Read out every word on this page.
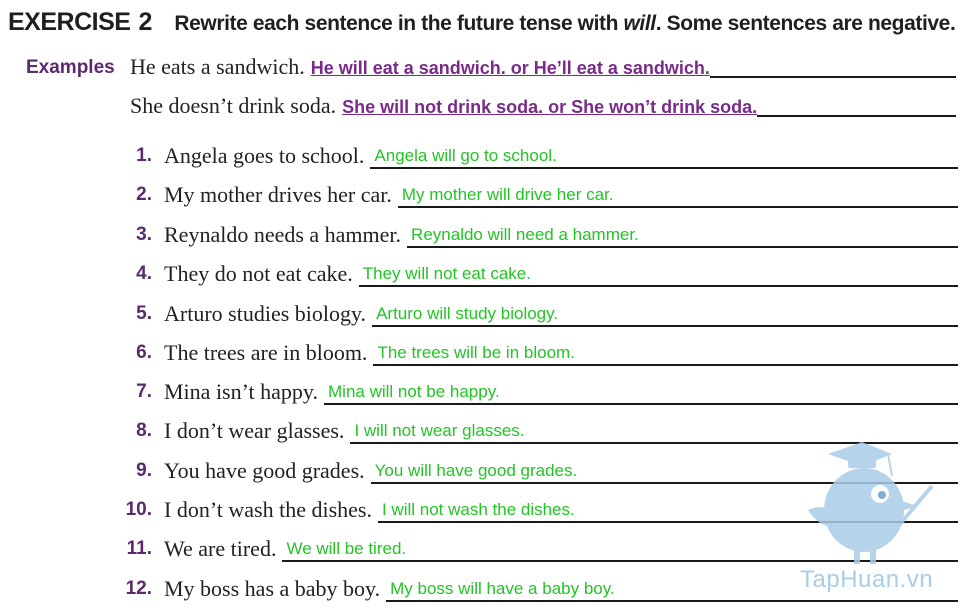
EXERCISE 2 Rewrite each sentence in the future tense with will. Some sentences are negative.
Examples He eats a sandwich. He will eat a sandwich. or He’ll eat a sandwich.
She doesn’t drink soda. She will not drink soda. or She won’t drink soda.
1. Angela goes to school. Angela will go to school.
2. My mother drives her car. My mother will drive her car.
3. Reynaldo needs a hammer. Reynaldo will need a hammer.
4. They do not eat cake. They will not eat cake.
5. Arturo studies biology. Arturo will study biology.
6. The trees are in bloom. The trees will be in bloom.
7. Mina isn’t happy. Mina will not be happy.
8. I don’t wear glasses. I will not wear glasses.
9. You have good grades. You will have good grades.
10. I don’t wash the dishes. I will not wash the dishes.
11. We are tired. We will be tired.
12. My boss has a baby boy. My boss will have a baby boy.	TapHuan.vn
